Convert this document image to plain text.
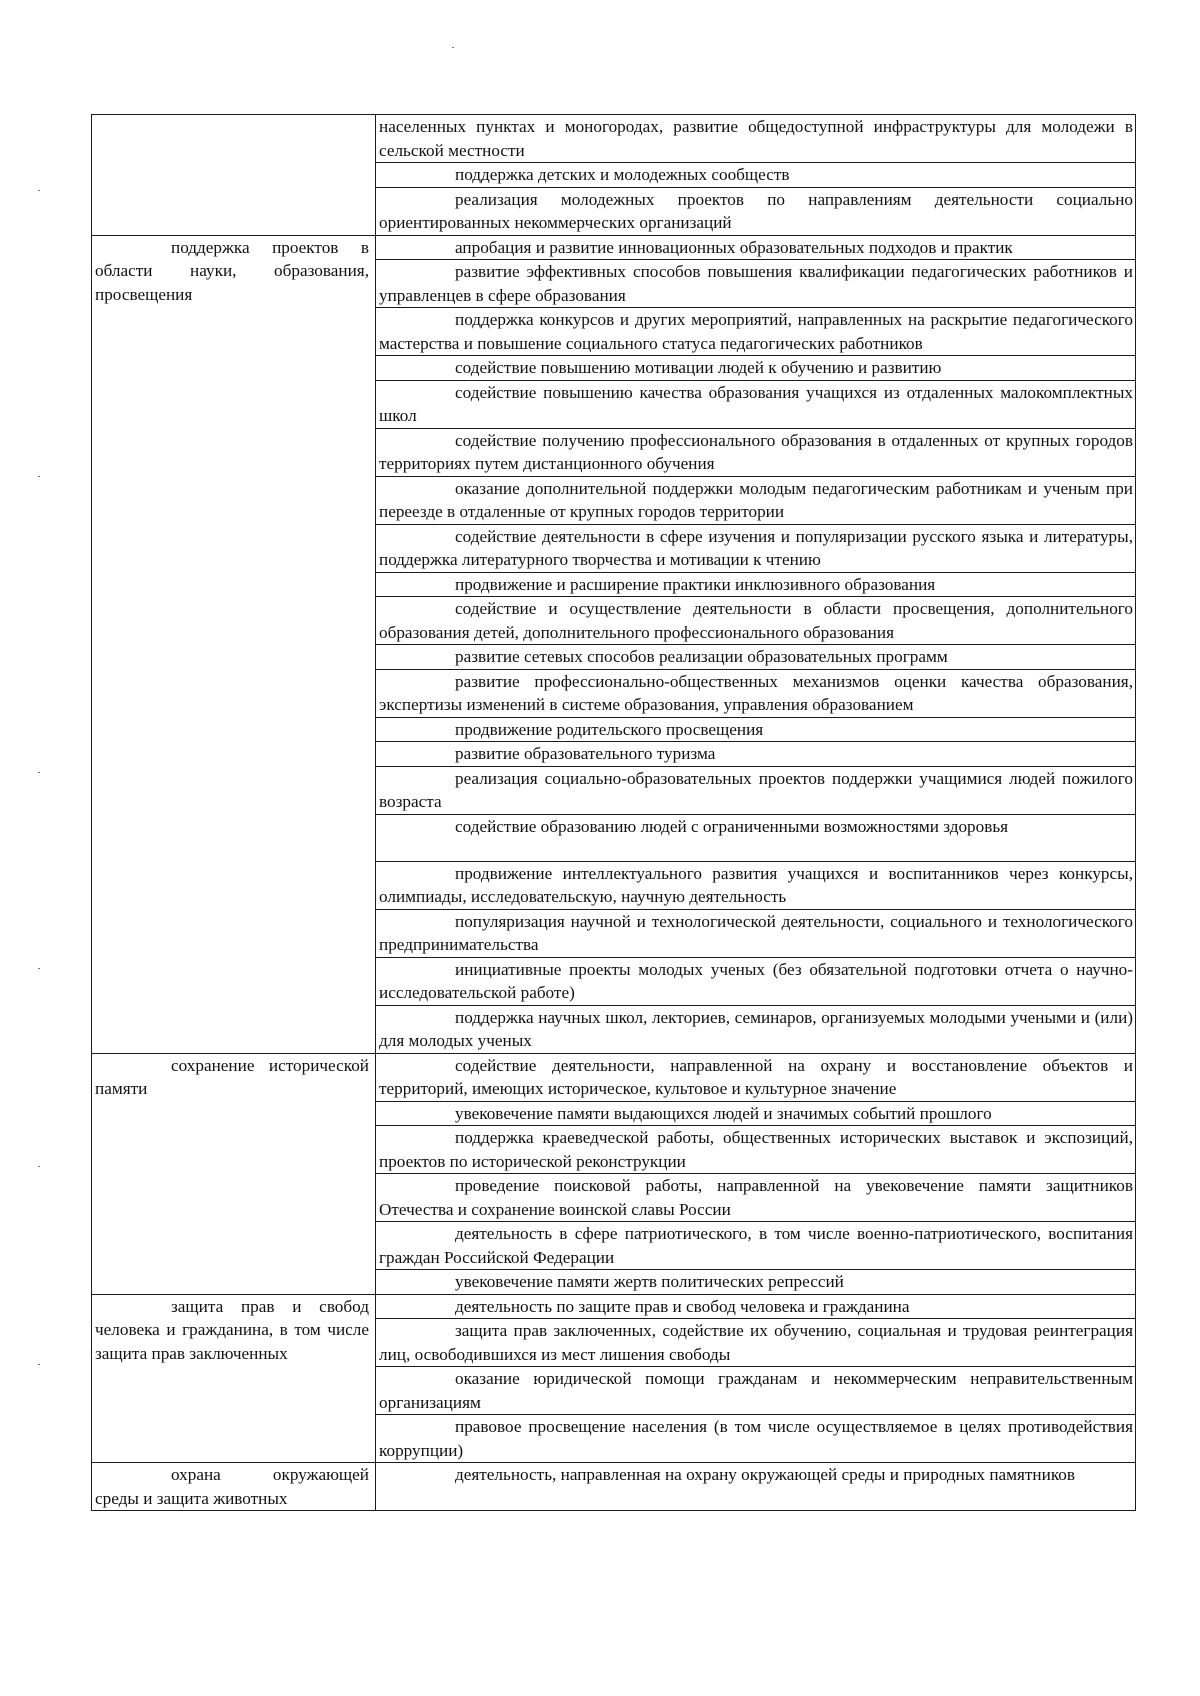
	населенных пунктах и моногородах, развитие общедоступной инфраструктуры для молодежи в сельской местности

	поддержка детских и молодежных сообществ

	реализация молодежных проектов по направлениям деятельности социально ориентированных некоммерческих организаций

поддержка проектов в области науки, образования, просвещения	апробация и развитие инновационных образовательных подходов и практик

	развитие эффективных способов повышения квалификации педагогических работников и управленцев в сфере образования

	поддержка конкурсов и других мероприятий, направленных на раскрытие педагогического мастерства и повышение социального статуса педагогических работников

	содействие повышению мотивации людей к обучению и развитию

	содействие повышению качества образования учащихся из отдаленных малокомплектных школ

	содействие получению профессионального образования в отдаленных от крупных городов территориях путем дистанционного обучения

	оказание дополнительной поддержки молодым педагогическим работникам и ученым при переезде в отдаленные от крупных городов территории

	содействие деятельности в сфере изучения и популяризации русского языка и литературы, поддержка литературного творчества и мотивации к чтению

	продвижение и расширение практики инклюзивного образования

	содействие и осуществление деятельности в области просвещения, дополнительного образования детей, дополнительного профессионального образования

	развитие сетевых способов реализации образовательных программ

	развитие профессионально-общественных механизмов оценки качества образования, экспертизы изменений в системе образования, управления образованием

	продвижение родительского просвещения

	развитие образовательного туризма

	реализация социально-образовательных проектов поддержки учащимися людей пожилого возраста

	содействие образованию людей с ограниченными возможностями здоровья

	продвижение интеллектуального развития учащихся и воспитанников через конкурсы, олимпиады, исследовательскую, научную деятельность

	популяризация научной и технологической деятельности, социального и технологического предпринимательства

	инициативные проекты молодых ученых (без обязательной подготовки отчета о научно-исследовательской работе)

	поддержка научных школ, лекториев, семинаров, организуемых молодыми учеными и (или) для молодых ученых

сохранение исторической памяти	содействие деятельности, направленной на охрану и восстановление объектов и территорий, имеющих историческое, культовое и культурное значение

	увековечение памяти выдающихся людей и значимых событий прошлого

	поддержка краеведческой работы, общественных исторических выставок и экспозиций, проектов по исторической реконструкции

	проведение поисковой работы, направленной на увековечение памяти защитников Отечества и сохранение воинской славы России

	деятельность в сфере патриотического, в том числе военно-патриотического, воспитания граждан Российской Федерации

	увековечение памяти жертв политических репрессий

защита прав и свобод человека и гражданина, в том числе защита прав заключенных	деятельность по защите прав и свобод человека и гражданина

	защита прав заключенных, содействие их обучению, социальная и трудовая реинтеграция лиц, освободившихся из мест лишения свободы

	оказание юридической помощи гражданам и некоммерческим неправительственным организациям

	правовое просвещение населения (в том числе осуществляемое в целях противодействия коррупции)

охрана окружающей среды и защита животных	деятельность, направленная на охрану окружающей среды и природных памятников
